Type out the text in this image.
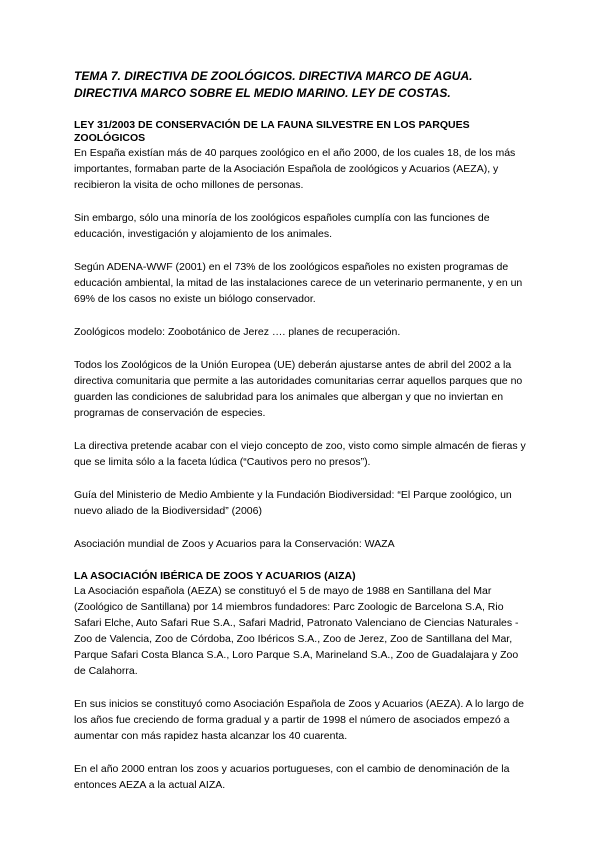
TEMA 7. DIRECTIVA DE ZOOLÓGICOS. DIRECTIVA MARCO DE AGUA. DIRECTIVA MARCO SOBRE EL MEDIO MARINO. LEY DE COSTAS.
LEY 31/2003 DE CONSERVACIÓN DE LA FAUNA SILVESTRE EN LOS PARQUES ZOOLÓGICOS

En España existían más de 40 parques zoológico en el año 2000, de los cuales 18, de los más importantes, formaban parte de la Asociación Española de zoológicos y Acuarios (AEZA), y recibieron la visita de ocho millones de personas.

Sin embargo, sólo una minoría de los zoológicos españoles cumplía con las funciones de educación, investigación y alojamiento de los animales.

Según ADENA-WWF (2001) en el 73% de los zoológicos españoles no existen programas de educación ambiental, la mitad de las instalaciones carece de un veterinario permanente, y en un 69% de los casos no existe un biólogo conservador.

Zoológicos modelo: Zoobotánico de Jerez …. planes de recuperación.

Todos los Zoológicos de la Unión Europea (UE) deberán ajustarse antes de abril del 2002 a la directiva comunitaria que permite a las autoridades comunitarias cerrar aquellos parques que no guarden las condiciones de salubridad para los animales que albergan y que no inviertan en programas de conservación de especies.

La directiva pretende acabar con el viejo concepto de zoo, visto como simple almacén de fieras y que se limita sólo a la faceta lúdica (“Cautivos pero no presos”).

Guía del Ministerio de Medio Ambiente y la Fundación Biodiversidad: “El Parque zoológico, un nuevo aliado de la Biodiversidad” (2006)

Asociación mundial de Zoos y Acuarios para la Conservación: WAZA

LA ASOCIACIÓN IBÉRICA DE ZOOS Y ACUARIOS (AIZA)

La Asociación española (AEZA) se constituyó el 5 de mayo de 1988 en Santillana del Mar (Zoológico de Santillana) por 14 miembros fundadores: Parc Zoologic de Barcelona S.A, Rio Safari Elche, Auto Safari Rue S.A., Safari Madrid, Patronato Valenciano de Ciencias Naturales - Zoo de Valencia, Zoo de Córdoba, Zoo Ibéricos S.A., Zoo de Jerez, Zoo de Santillana del Mar, Parque Safari Costa Blanca S.A., Loro Parque S.A, Marineland S.A., Zoo de Guadalajara y Zoo de Calahorra.

En sus inicios se constituyó como Asociación Española de Zoos y Acuarios (AEZA). A lo largo de los años fue creciendo de forma gradual y a partir de 1998 el número de asociados empezó a aumentar con más rapidez hasta alcanzar los 40 cuarenta.

En el año 2000 entran los zoos y acuarios portugueses, con el cambio de denominación de la entonces AEZA a la actual AIZA.
